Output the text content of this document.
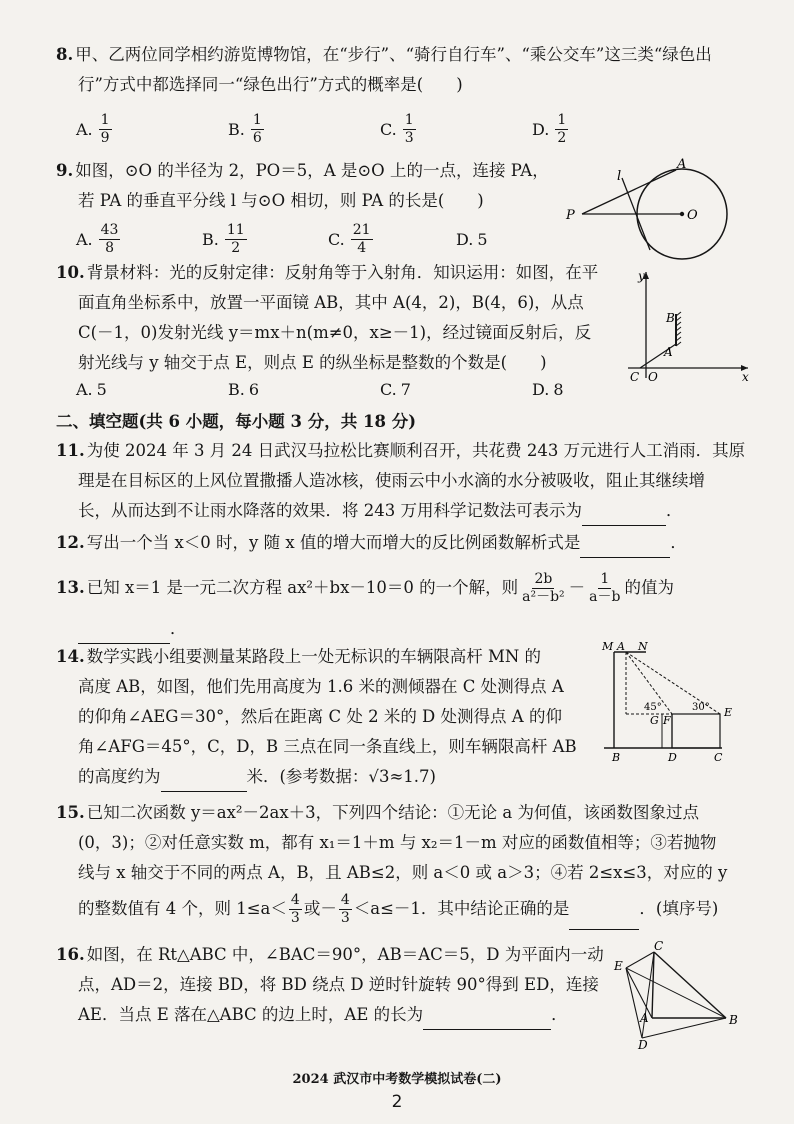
8. 甲、乙两位同学相约游览博物馆，在“步行”、“骑行自行车”、“乘公交车”这三类“绿色出
行”方式中都选择同一“绿色出行”方式的概率是(　　)
A. $\frac{1}{9}$	B. $\frac{1}{6}$	C. $\frac{1}{3}$	D. $\frac{1}{2}$
9. 如图，⊙O 的半径为 2，PO＝5，A 是⊙O 上的一点，连接 PA，
若 PA 的垂直平分线 l 与⊙O 相切，则 PA 的长是(　　)
A. $\frac{43}{8}$	B. $\frac{11}{2}$	C. $\frac{21}{4}$	D. 5
l
A
P	O
10. 背景材料：光的反射定律：反射角等于入射角．知识运用：如图，在平
面直角坐标系中，放置一平面镜 AB，其中 A(4，2)，B(4，6)，从点
C(－1，0)发射光线 y＝mx＋n(m≠0，x≥－1)，经过镜面反射后，反
射光线与 y 轴交于点 E，则点 E 的纵坐标是整数的个数是(　　)
A. 5	B. 6	C. 7	D. 8
y
B
A
C O	x
二、填空题(共 6 小题，每小题 3 分，共 18 分)
11. 为使 2024 年 3 月 24 日武汉马拉松比赛顺利召开，共花费 243 万元进行人工消雨．其原
理是在目标区的上风位置撒播人造冰核，使雨云中小水滴的水分被吸收，阻止其继续增
长，从而达到不让雨水降落的效果．将 243 万用科学记数法可表示为	．
12. 写出一个当 x＜0 时，y 随 x 值的增大而增大的反比例函数解析式是	．
13. 已知 x＝1 是一元二次方程 ax²＋bx－10＝0 的一个解，则 $\frac{2b}{\text{a²－b²}} - \frac{1}{a-b}$ 的值为
．
14. 数学实践小组要测量某路段上一处无标识的车辆限高杆 MN 的
高度 AB，如图，他们先用高度为 1.6 米的测倾器在 C 处测得点 A
的仰角∠AEG＝30°，然后在距离 C 处 2 米的 D 处测得点 A 的仰
角∠AFG＝45°，C，D，B 三点在同一条直线上，则车辆限高杆 AB
的高度约为	米．(参考数据：√3≈1.7)
M A N
45°	30°
G F
E
B	D	C
15. 已知二次函数 y＝ax²－2ax＋3，下列四个结论：①无论 a 为何值，该函数图象过点
(0，3)；②对任意实数 m，都有 x₁＝1＋m 与 x₂＝1－m 对应的函数值相等；③若抛物
线与 x 轴交于不同的两点 A，B，且 AB≤2，则 a＜0 或 a＞3；④若 2≤x≤3，对应的 y
的整数值有 4 个，则 $1\le a< \frac{4}{3}$ 或－ $\frac{4}{3} <a\le-1$．其中结论正确的是	．(填序号)
16. 如图，在 Rt△ABC 中，∠BAC＝90°，AB＝AC＝5，D 为平面内一动
点，AD＝2，连接 BD，将 BD 绕点 D 逆时针旋转 90°得到 ED，连接
AE．当点 E 落在△ABC 的边上时，AE 的长为	．
C
E
A	B
D
2024 武汉市中考数学模拟试卷(二)
2
